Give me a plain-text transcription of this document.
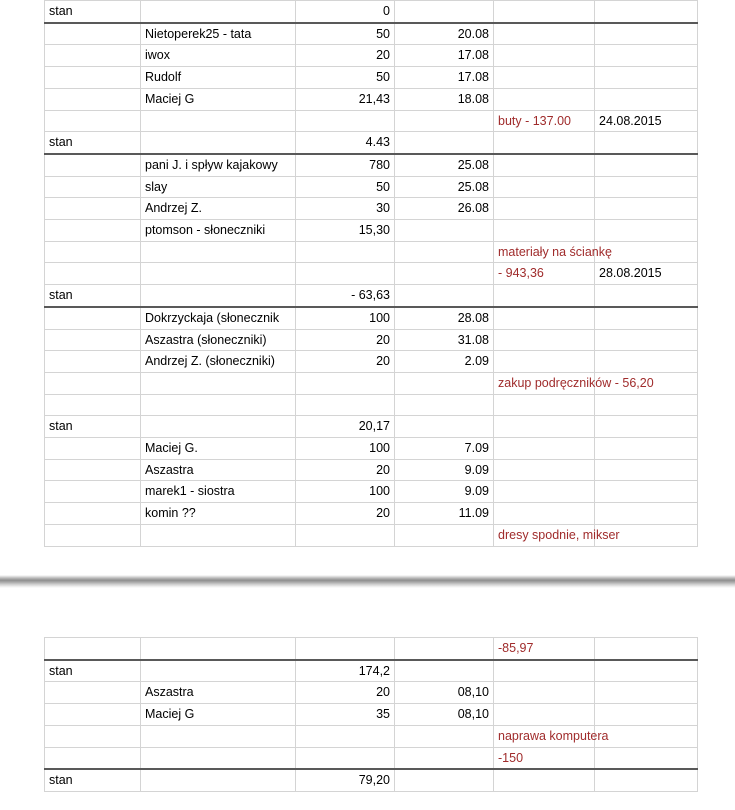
stan		0			
	Nietoperek25 - tata	50	20.08		
	iwox	20	17.08		
	Rudolf	50	17.08		
	Maciej G	21,43	18.08		
				buty - 137.00	24.08.2015
stan		4.43			
	pani J. i spływ kajakowy	780	25.08		
	slay	50	25.08		
	Andrzej Z.	30	26.08		
	ptomson - słoneczniki	15,30			
				materiały na ściankę	
				- 943,36	28.08.2015
stan		- 63,63			
	Dokrzyckaja (słonecznik	100	28.08		
	Aszastra (słoneczniki)	20	31.08		
	Andrzej Z. (słoneczniki)	20	2.09		
				zakup podręczników - 56,20	

stan		20,17			
	Maciej G.	100	7.09		
	Aszastra	20	9.09		
	marek1 - siostra	100	9.09		
	komin ??	20	11.09		
				dresy spodnie, mikser	
				-85,97	
stan		174,2			
	Aszastra	20	08,10		
	Maciej G	35	08,10		
				naprawa komputera	
				-150	
stan		79,20			
